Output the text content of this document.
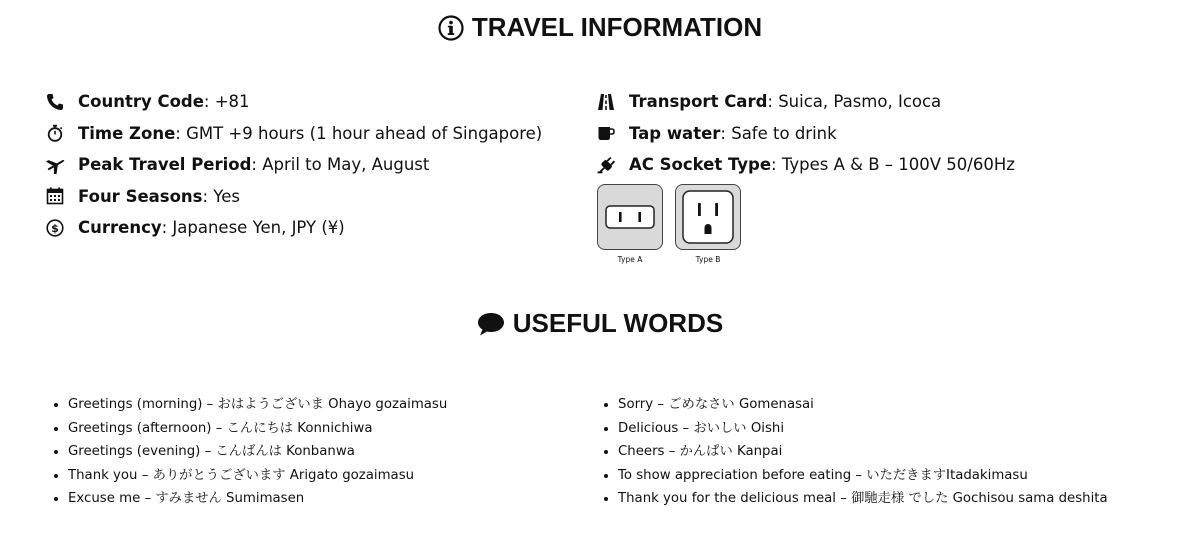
TRAVEL INFORMATION
Country Code : +81
Time Zone : GMT +9 hours (1 hour ahead of Singapore)
Peak Travel Period : April to May, August
Four Seasons : Yes
$ Currency : Japanese Yen, JPY (¥)
Transport Card : Suica, Pasmo, Icoca
Tap water : Safe to drink
AC Socket Type : Types A & B – 100V 50/60Hz
Type A	Type B
USEFUL WORDS
• Greetings (morning) – おはようございま Ohayo gozaimasu
• Greetings (afternoon) – こんにちは Konnichiwa
• Greetings (evening) – こんばんは Konbanwa
• Thank you – ありがとうございます Arigato gozaimasu
• Excuse me – すみません Sumimasen
• Sorry – ごめなさい Gomenasai
• Delicious – おいしい Oishi
• Cheers – かんぱい Kanpai
• To show appreciation before eating – いただきますItadakimasu
• Thank you for the delicious meal – 御馳走様 でした Gochisou sama deshita
